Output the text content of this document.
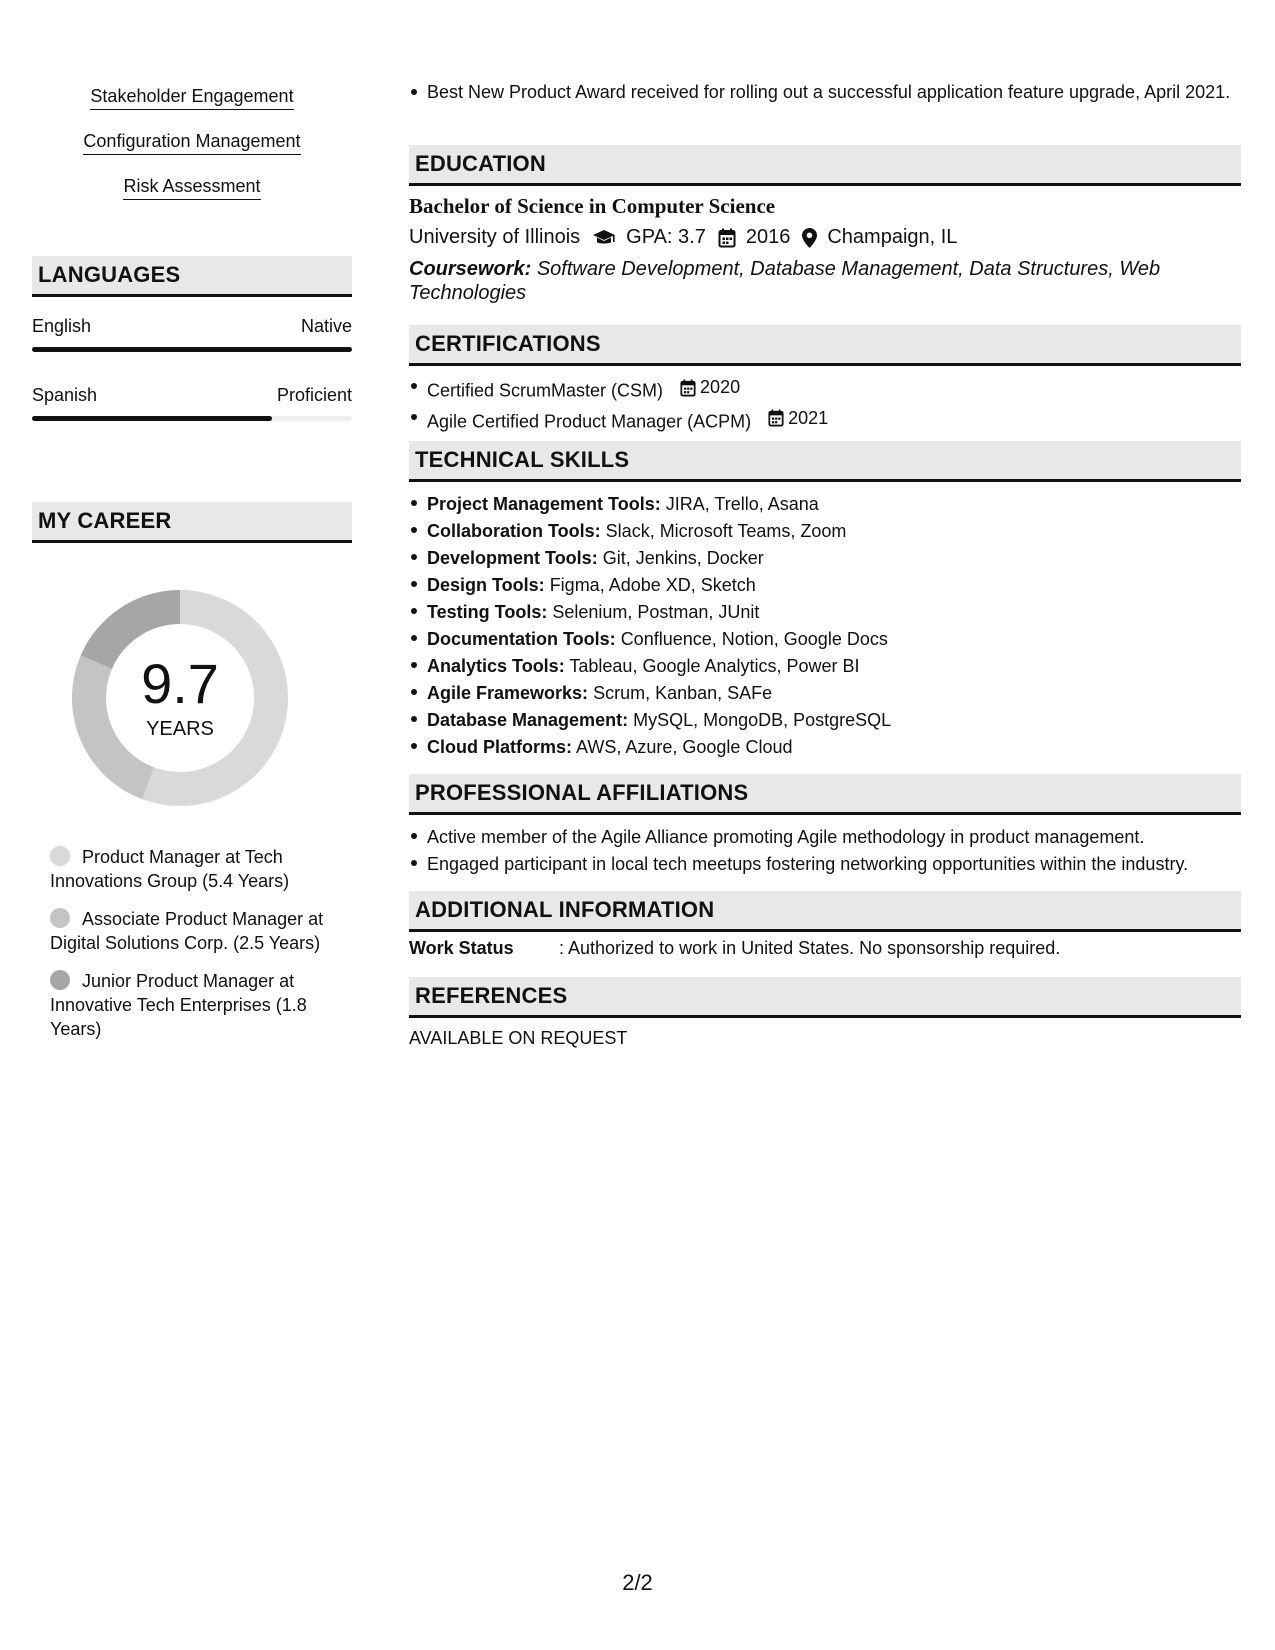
Stakeholder Engagement
Configuration Management
Risk Assessment
LANGUAGES
English	Native
Spanish	Proficient
MY CAREER
9.7
YEARS
Product Manager at Tech Innovations Group (5.4 Years)
Associate Product Manager at Digital Solutions Corp. (2.5 Years)
Junior Product Manager at Innovative Tech Enterprises (1.8 Years)
Best New Product Award received for rolling out a successful application feature upgrade, April 2021.
EDUCATION
Bachelor of Science in Computer Science
University of Illinois GPA: 3.7 2016 Champaign, IL
Coursework: Software Development, Database Management, Data Structures, Web Technologies
CERTIFICATIONS
Certified ScrumMaster (CSM) 2020
Agile Certified Product Manager (ACPM) 2021
TECHNICAL SKILLS
Project Management Tools: JIRA, Trello, Asana
Collaboration Tools: Slack, Microsoft Teams, Zoom
Development Tools: Git, Jenkins, Docker
Design Tools: Figma, Adobe XD, Sketch
Testing Tools: Selenium, Postman, JUnit
Documentation Tools: Confluence, Notion, Google Docs
Analytics Tools: Tableau, Google Analytics, Power BI
Agile Frameworks: Scrum, Kanban, SAFe
Database Management: MySQL, MongoDB, PostgreSQL
Cloud Platforms: AWS, Azure, Google Cloud
PROFESSIONAL AFFILIATIONS
Active member of the Agile Alliance promoting Agile methodology in product management.
Engaged participant in local tech meetups fostering networking opportunities within the industry.
ADDITIONAL INFORMATION
Work Status	: Authorized to work in United States. No sponsorship required.
REFERENCES
AVAILABLE ON REQUEST
2/2
